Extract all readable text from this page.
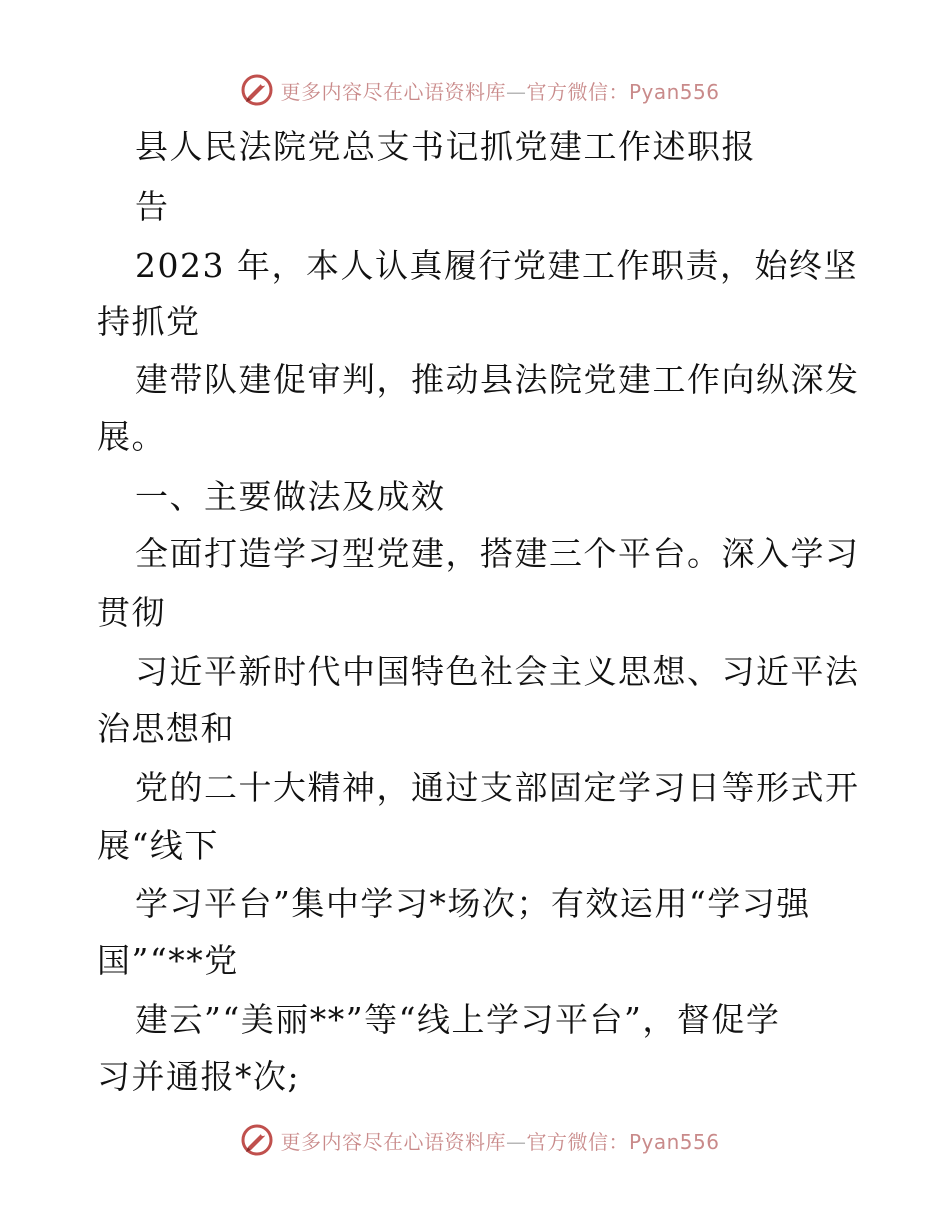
更多内容尽在心语资料库—官方微信：Pyan556
县人民法院党总支书记抓党建工作述职报
告
2023 年，本人认真履行党建工作职责，始终坚
持抓党
建带队建促审判，推动县法院党建工作向纵深发
展。
一、主要做法及成效
全面打造学习型党建，搭建三个平台。深入学习
贯彻
习近平新时代中国特色社会主义思想、习近平法
治思想和
党的二十大精神，通过支部固定学习日等形式开
展“线下
学习平台”集中学习*场次；有效运用“学习强
国”“**党
建云”“美丽**”等“线上学习平台”，督促学
习并通报*次;
更多内容尽在心语资料库—官方微信：Pyan556
